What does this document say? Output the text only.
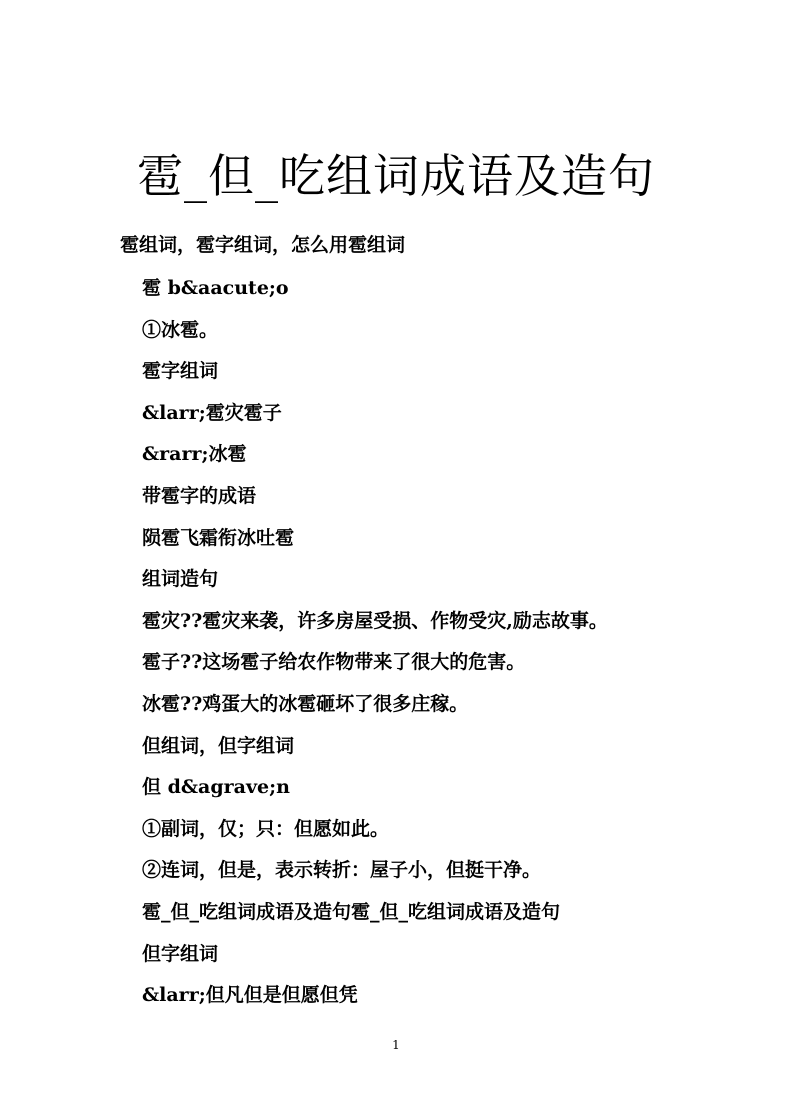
雹_但_吃组词成语及造句
雹组词，雹字组词，怎么用雹组词
雹 b&aacute;o
①冰雹。
雹字组词
&larr;雹灾雹子
&rarr;冰雹
带雹字的成语
陨雹飞霜衔冰吐雹
组词造句
雹灾??雹灾来袭，许多房屋受损、作物受灾,励志故事。
雹子??这场雹子给农作物带来了很大的危害。
冰雹??鸡蛋大的冰雹砸坏了很多庄稼。
但组词，但字组词
但 d&agrave;n
①副词，仅；只：但愿如此。
②连词，但是，表示转折：屋子小，但挺干净。
雹_但_吃组词成语及造句雹_但_吃组词成语及造句
但字组词
&larr;但凡但是但愿但凭
1
